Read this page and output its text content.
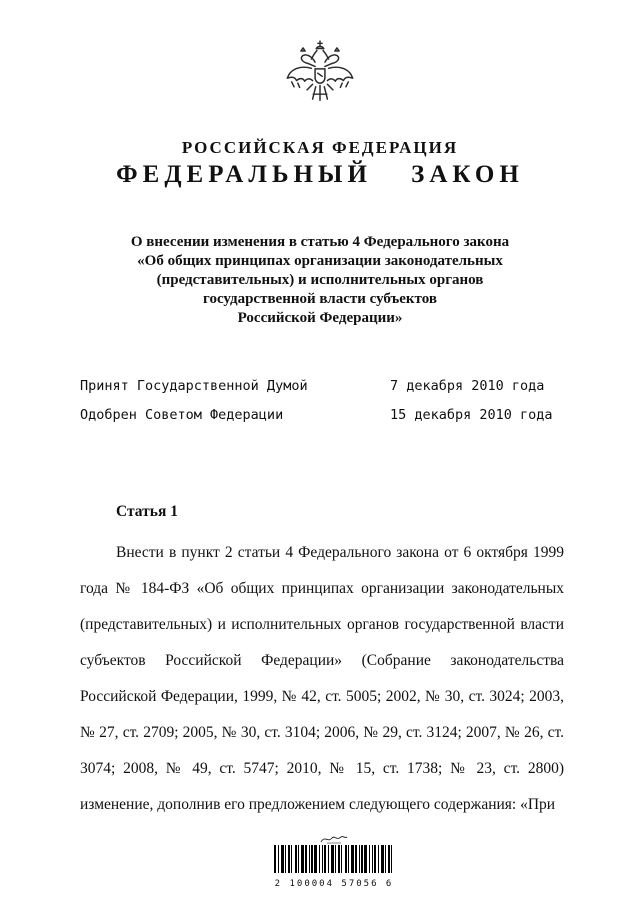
РОССИЙСКАЯ ФЕДЕРАЦИЯ
ФЕДЕРАЛЬНЫЙ ЗАКОН
О внесении изменения в статью 4 Федерального закона
«Об общих принципах организации законодательных
(представительных) и исполнительных органов
государственной власти субъектов
Российской Федерации»
Принят Государственной Думой	7 декабря 2010 года
Одобрен Советом Федерации	15 декабря 2010 года
Статья 1

Внести в пункт 2 статьи 4 Федерального закона от 6 октября 1999 года № 184-ФЗ «Об общих принципах организации законодательных (представительных) и исполнительных органов государственной власти субъектов Российской Федерации» (Собрание законодательства Российской Федерации, 1999, № 42, ст. 5005; 2002, № 30, ст. 3024; 2003, № 27, ст. 2709; 2005, № 30, ст. 3104; 2006, № 29, ст. 3124; 2007, № 26, ст. 3074; 2008, № 49, ст. 5747; 2010, № 15, ст. 1738; № 23, ст. 2800) изменение, дополнив его предложением следующего содержания: «При

2 100004 57056 6
